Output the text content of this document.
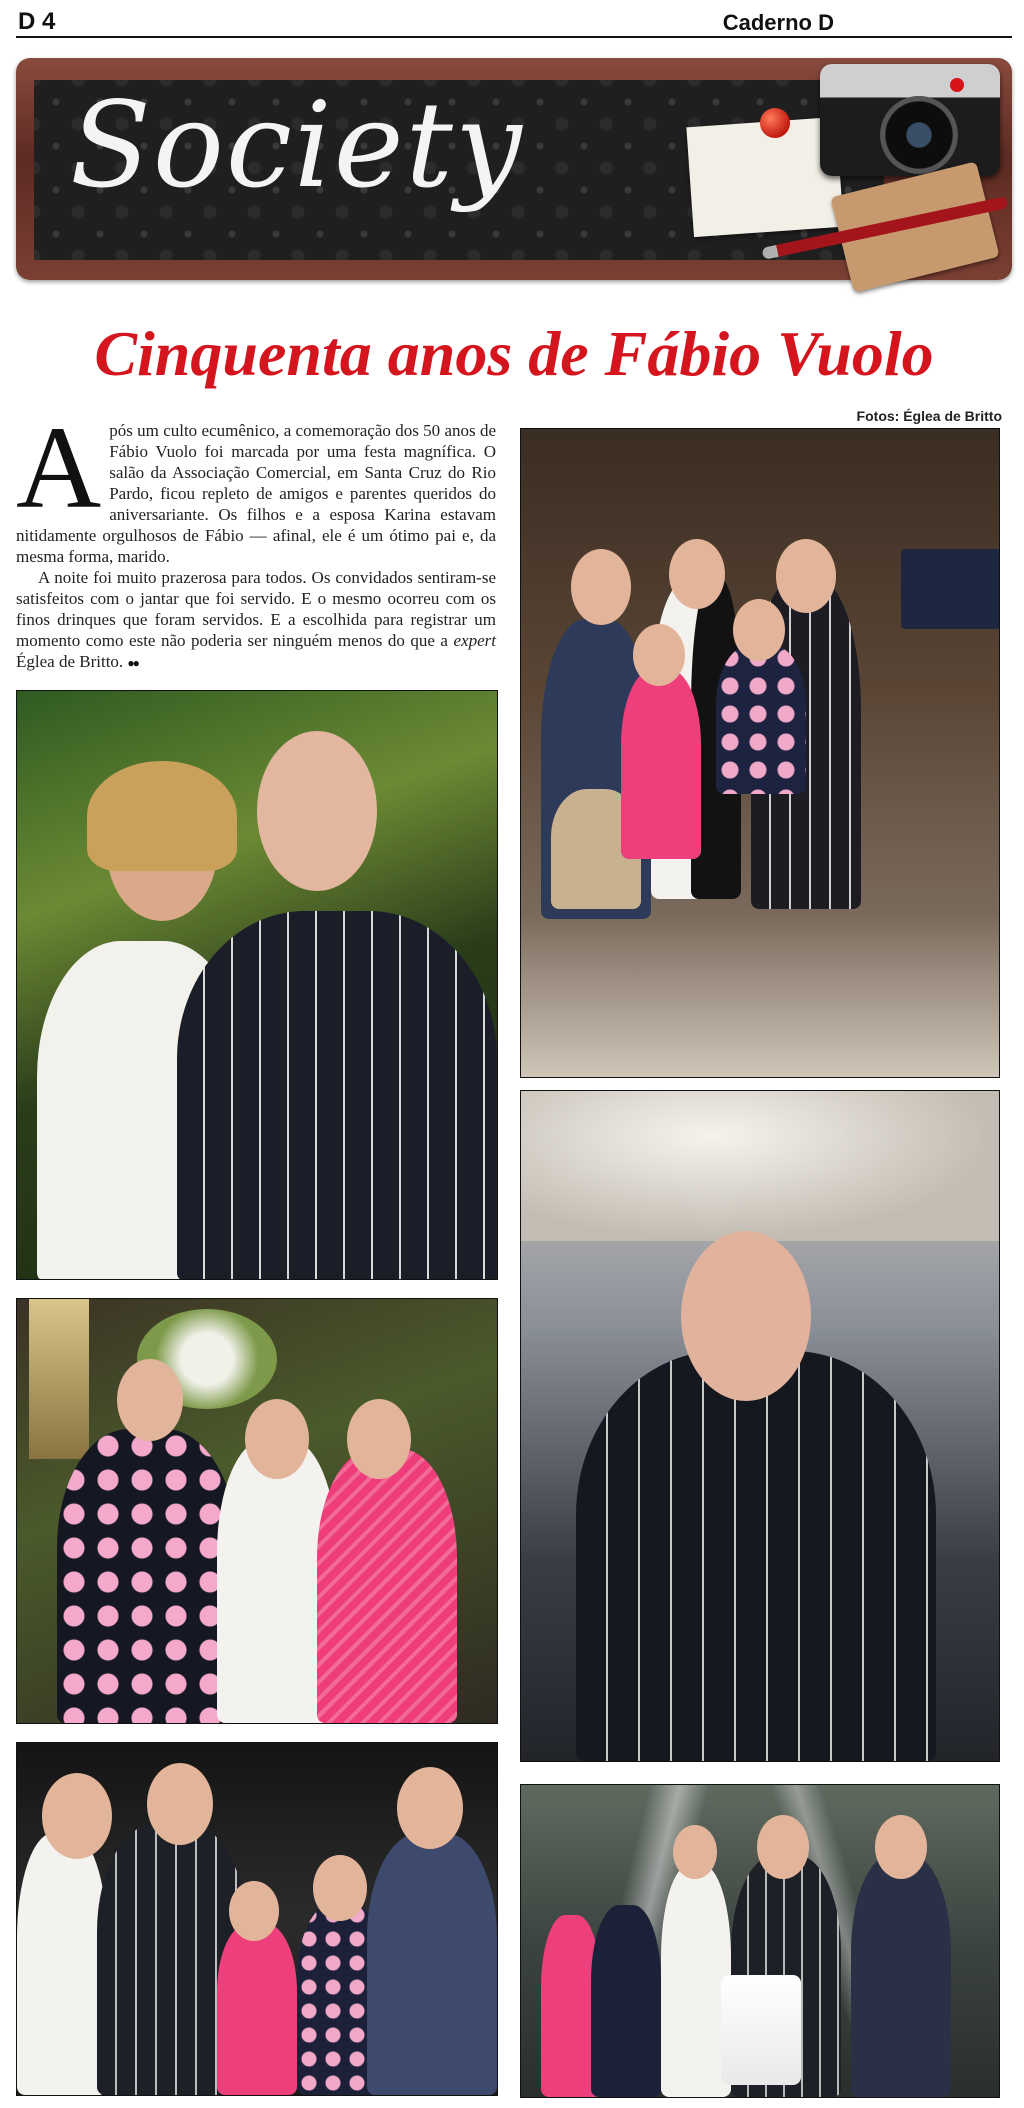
D 4	Caderno D
Society
Cinquenta anos de Fábio Vuolo
Fotos: Églea de Britto

Após um culto ecumênico, a comemoração dos 50 anos de Fábio Vuolo foi marcada por uma festa magnífica. O salão da Associação Comercial, em Santa Cruz do Rio Pardo, ficou repleto de amigos e parentes queridos do aniversariante. Os filhos e a esposa Karina estavam nitidamente orgulhosos de Fábio — afinal, ele é um ótimo pai e, da mesma forma, marido.

A noite foi muito prazerosa para todos. Os convidados sentiram-se satisfeitos com o jantar que foi servido. E o mesmo ocorreu com os finos drinques que foram servidos. E a escolhida para registrar um momento como este não poderia ser ninguém menos do que a expert Églea de Britto. ●●
